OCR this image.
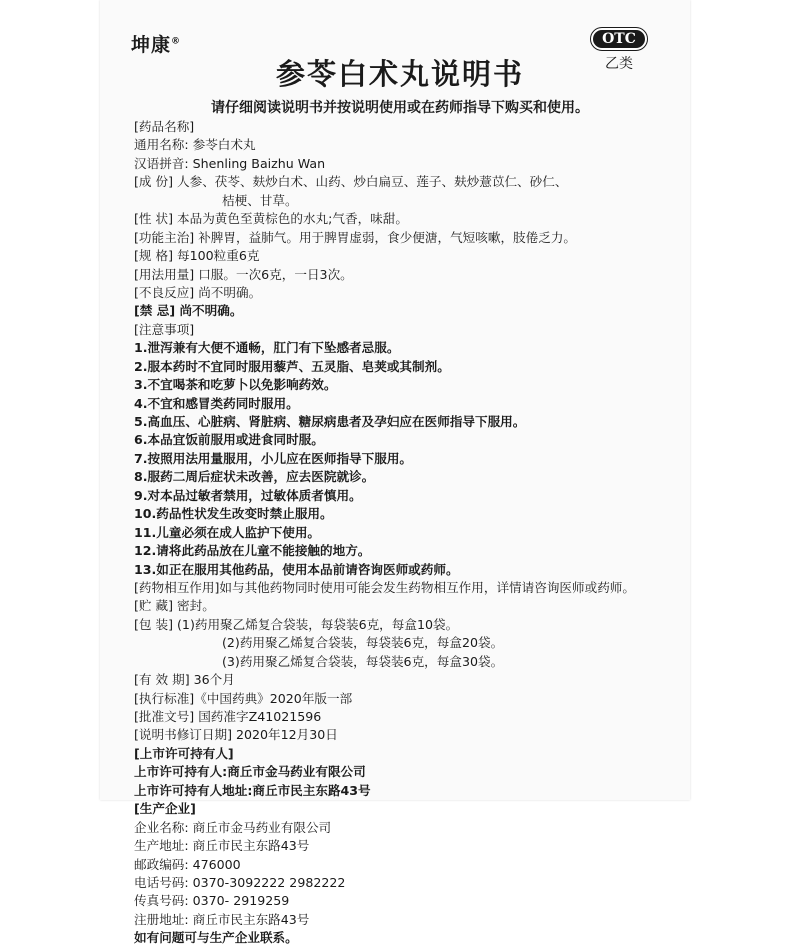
坤康®	OTC
乙类
参苓白术丸说明书
请仔细阅读说明书并按说明使用或在药师指导下购买和使用。
[药品名称]
通用名称: 参苓白术丸
汉语拼音: Shenling Baizhu Wan
[成 份] 人参、茯苓、麸炒白术、山药、炒白扁豆、莲子、麸炒薏苡仁、砂仁、
桔梗、甘草。
[性 状] 本品为黄色至黄棕色的水丸;气香，味甜。
[功能主治] 补脾胃，益肺气。用于脾胃虚弱，食少便溏，气短咳嗽，肢倦乏力。
[规 格] 每100粒重6克
[用法用量] 口服。一次6克，一日3次。
[不良反应] 尚不明确。
[禁 忌] 尚不明确。
[注意事项]
1.泄泻兼有大便不通畅，肛门有下坠感者忌服。
2.服本药时不宜同时服用藜芦、五灵脂、皂荚或其制剂。
3.不宜喝茶和吃萝卜以免影响药效。
4.不宜和感冒类药同时服用。
5.高血压、心脏病、肾脏病、糖尿病患者及孕妇应在医师指导下服用。
6.本品宜饭前服用或进食同时服。
7.按照用法用量服用，小儿应在医师指导下服用。
8.服药二周后症状未改善，应去医院就诊。
9.对本品过敏者禁用，过敏体质者慎用。
10.药品性状发生改变时禁止服用。
11.儿童必须在成人监护下使用。
12.请将此药品放在儿童不能接触的地方。
13.如正在服用其他药品，使用本品前请咨询医师或药师。
[药物相互作用]如与其他药物同时使用可能会发生药物相互作用，详情请咨询医师或药师。
[贮 藏] 密封。
[包 装] (1)药用聚乙烯复合袋装，每袋装6克，每盒10袋。
(2)药用聚乙烯复合袋装，每袋装6克，每盒20袋。
(3)药用聚乙烯复合袋装，每袋装6克，每盒30袋。
[有 效 期] 36个月
[执行标准]《中国药典》2020年版一部
[批准文号] 国药准字Z41021596
[说明书修订日期] 2020年12月30日
[上市许可持有人]
上市许可持有人:商丘市金马药业有限公司
上市许可持有人地址:商丘市民主东路43号
[生产企业]
企业名称: 商丘市金马药业有限公司
生产地址: 商丘市民主东路43号
邮政编码: 476000
电话号码: 0370-3092222 2982222
传真号码: 0370- 2919259
注册地址: 商丘市民主东路43号
如有问题可与生产企业联系。
